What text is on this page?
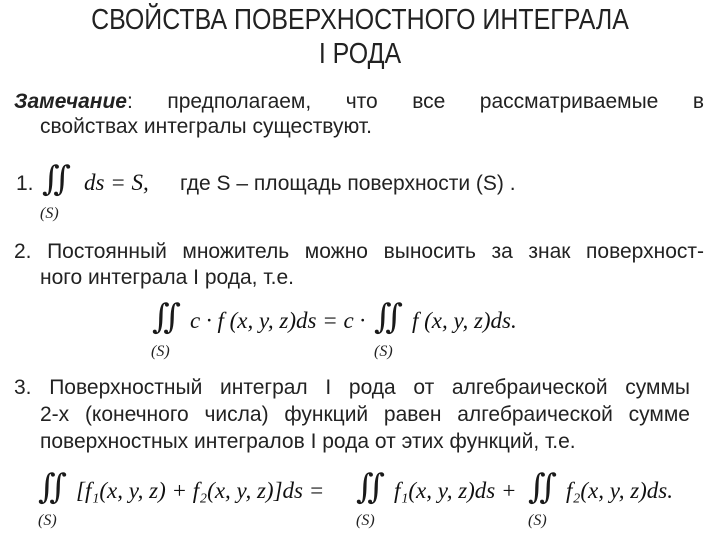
СВОЙСТВА ПОВЕРХНОСТНОГО ИНТЕГРАЛА
I РОДА
Замечание: предполагаем, что все рассматриваемые в
свойствах интегралы существуют.
1. ∬ ds = S,
(S)
где S – площадь поверхности (S) .
2. Постоянный множитель можно выносить за знак поверхност-
ного интеграла I рода, т.е.
∬ c · f (x, y, z)ds = c ·
(S)
∬ f (x, y, z)ds.
(S)
3. Поверхностный интеграл I рода от алгебраической суммы
2-х (конечного числа) функций равен алгебраической сумме
поверхностных интегралов I рода от этих функций, т.е.
∬ [f₁(x, y, z) + f₂(x, y, z)]ds =
(S)
∬ f₁(x, y, z)ds +
(S)
∬ f₂(x, y, z)ds.
(S)
